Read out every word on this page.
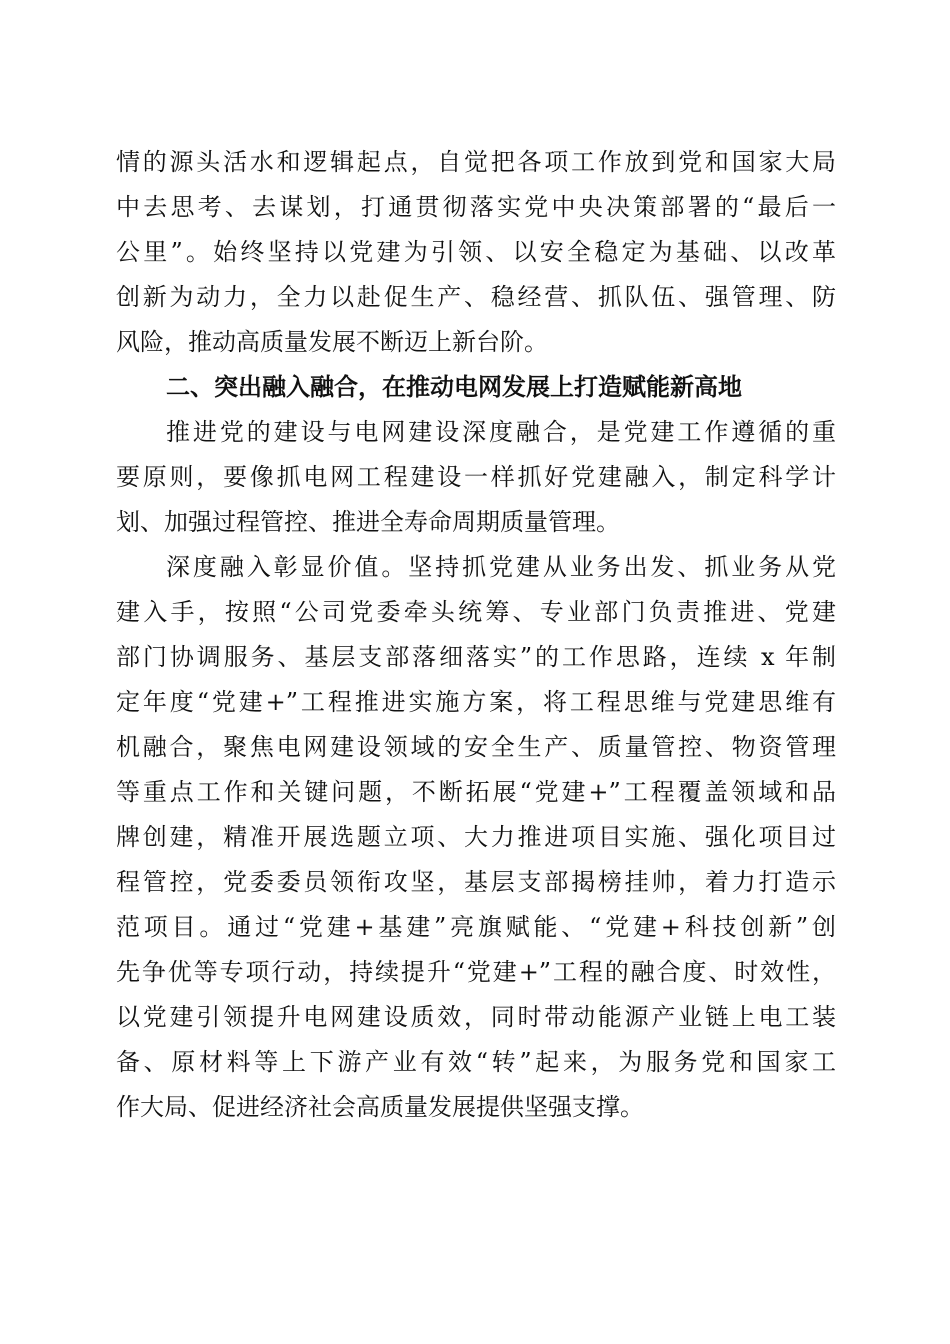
情的源头活水和逻辑起点，自觉把各项工作放到党和国家大局
中去思考、去谋划，打通贯彻落实党中央决策部署的“最后一
公里”。始终坚持以党建为引领、以安全稳定为基础、以改革
创新为动力，全力以赴促生产、稳经营、抓队伍、强管理、防
风险，推动高质量发展不断迈上新台阶。
二、突出融入融合，在推动电网发展上打造赋能新高地
推进党的建设与电网建设深度融合，是党建工作遵循的重
要原则，要像抓电网工程建设一样抓好党建融入，制定科学计
划、加强过程管控、推进全寿命周期质量管理。
深度融入彰显价值。坚持抓党建从业务出发、抓业务从党
建入手，按照“公司党委牵头统筹、专业部门负责推进、党建
部门协调服务、基层支部落细落实”的工作思路，连续 x 年制
定年度“党建+”工程推进实施方案，将工程思维与党建思维有
机融合，聚焦电网建设领域的安全生产、质量管控、物资管理
等重点工作和关键问题，不断拓展“党建+”工程覆盖领域和品
牌创建，精准开展选题立项、大力推进项目实施、强化项目过
程管控，党委委员领衔攻坚，基层支部揭榜挂帅，着力打造示
范项目。通过“党建+基建”亮旗赋能、“党建+科技创新”创
先争优等专项行动，持续提升“党建+”工程的融合度、时效性，
以党建引领提升电网建设质效，同时带动能源产业链上电工装
备、原材料等上下游产业有效“转”起来，为服务党和国家工
作大局、促进经济社会高质量发展提供坚强支撑。
